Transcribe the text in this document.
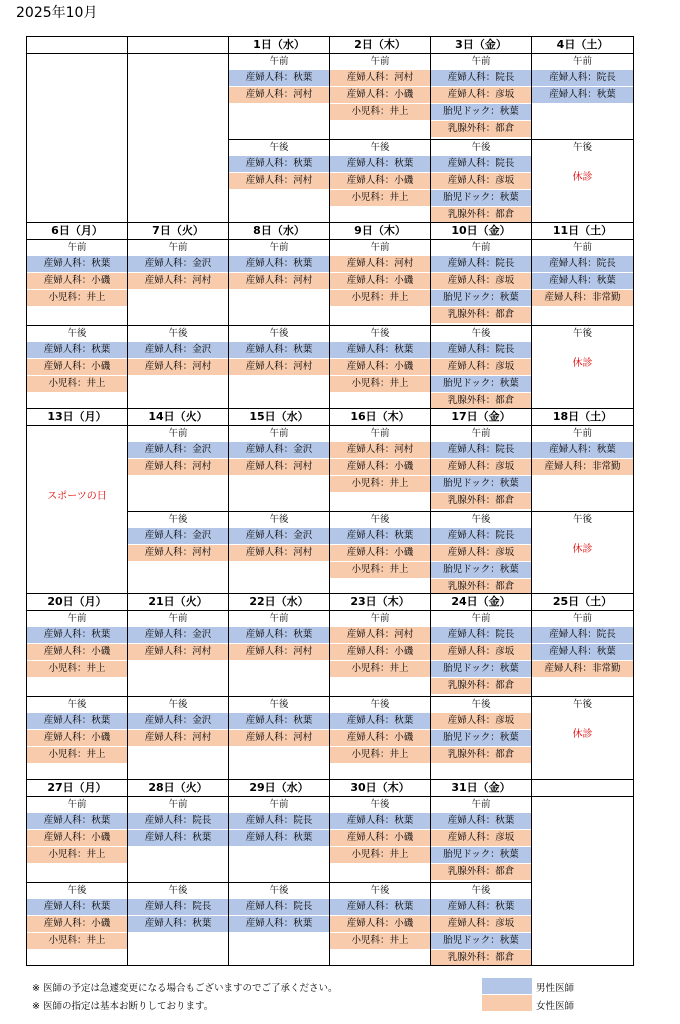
2025年10月
1日（水）
午前
産婦人科：秋葉
産婦人科：河村
午後
産婦人科：秋葉
産婦人科：河村
2日（木）
午前
産婦人科：河村
産婦人科：小磯
小児科：井上
午後
産婦人科：秋葉
産婦人科：小磯
小児科：井上
3日（金）
午前
産婦人科：院長
産婦人科：彦坂
胎児ドック：秋葉
乳腺外科：都倉
午後
産婦人科：院長
産婦人科：彦坂
胎児ドック：秋葉
乳腺外科：都倉
4日（土）
午前
産婦人科：院長
産婦人科：秋葉
午後
休診
6日（月）
午前
産婦人科：秋葉
産婦人科：小磯
小児科：井上
午後
産婦人科：秋葉
産婦人科：小磯
小児科：井上
7日（火）
午前
産婦人科：金沢
産婦人科：河村
午後
産婦人科：金沢
産婦人科：河村
8日（水）
午前
産婦人科：秋葉
産婦人科：河村
午後
産婦人科：秋葉
産婦人科：河村
9日（木）
午前
産婦人科：河村
産婦人科：小磯
小児科：井上
午後
産婦人科：秋葉
産婦人科：小磯
小児科：井上
10日（金）
午前
産婦人科：院長
産婦人科：彦坂
胎児ドック：秋葉
乳腺外科：都倉
午後
産婦人科：院長
産婦人科：彦坂
胎児ドック：秋葉
乳腺外科：都倉
11日（土）
午前
産婦人科：院長
産婦人科：秋葉
産婦人科：非常勤
午後
休診
13日（月）
スポーツの日
14日（火）
午前
産婦人科：金沢
産婦人科：河村
午後
産婦人科：金沢
産婦人科：河村
15日（水）
午前
産婦人科：金沢
産婦人科：河村
午後
産婦人科：金沢
産婦人科：河村
16日（木）
午前
産婦人科：河村
産婦人科：小磯
小児科：井上
午後
産婦人科：秋葉
産婦人科：小磯
小児科：井上
17日（金）
午前
産婦人科：院長
産婦人科：彦坂
胎児ドック：秋葉
乳腺外科：都倉
午後
産婦人科：院長
産婦人科：彦坂
胎児ドック：秋葉
乳腺外科：都倉
18日（土）
午前
産婦人科：秋葉
産婦人科：非常勤
午後
休診
20日（月）
午前
産婦人科：秋葉
産婦人科：小磯
小児科：井上
午後
産婦人科：秋葉
産婦人科：小磯
小児科：井上
21日（火）
午前
産婦人科：金沢
産婦人科：河村
午後
産婦人科：金沢
産婦人科：河村
22日（水）
午前
産婦人科：秋葉
産婦人科：河村
午後
産婦人科：秋葉
産婦人科：河村
23日（木）
午前
産婦人科：河村
産婦人科：小磯
小児科：井上
午後
産婦人科：秋葉
産婦人科：小磯
小児科：井上
24日（金）
午前
産婦人科：院長
産婦人科：彦坂
胎児ドック：秋葉
乳腺外科：都倉
午後
産婦人科：彦坂
胎児ドック：秋葉
乳腺外科：都倉
25日（土）
午前
産婦人科：院長
産婦人科：秋葉
産婦人科：非常勤
午後
休診
27日（月）
午前
産婦人科：秋葉
産婦人科：小磯
小児科：井上
午後
産婦人科：秋葉
産婦人科：小磯
小児科：井上
28日（火）
午前
産婦人科：院長
産婦人科：秋葉
午後
産婦人科：院長
産婦人科：秋葉
29日（水）
午前
産婦人科：院長
産婦人科：秋葉
午後
産婦人科：院長
産婦人科：秋葉
30日（木）
午後
産婦人科：秋葉
産婦人科：小磯
小児科：井上
午後
産婦人科：秋葉
産婦人科：小磯
小児科：井上
31日（金）
午前
産婦人科：秋葉
産婦人科：彦坂
胎児ドック：秋葉
乳腺外科：都倉
午後
産婦人科：秋葉
産婦人科：彦坂
胎児ドック：秋葉
乳腺外科：都倉
※ 医師の予定は急遽変更になる場合もございますのでご了承ください。
※ 医師の指定は基本お断りしております。
男性医師
女性医師
